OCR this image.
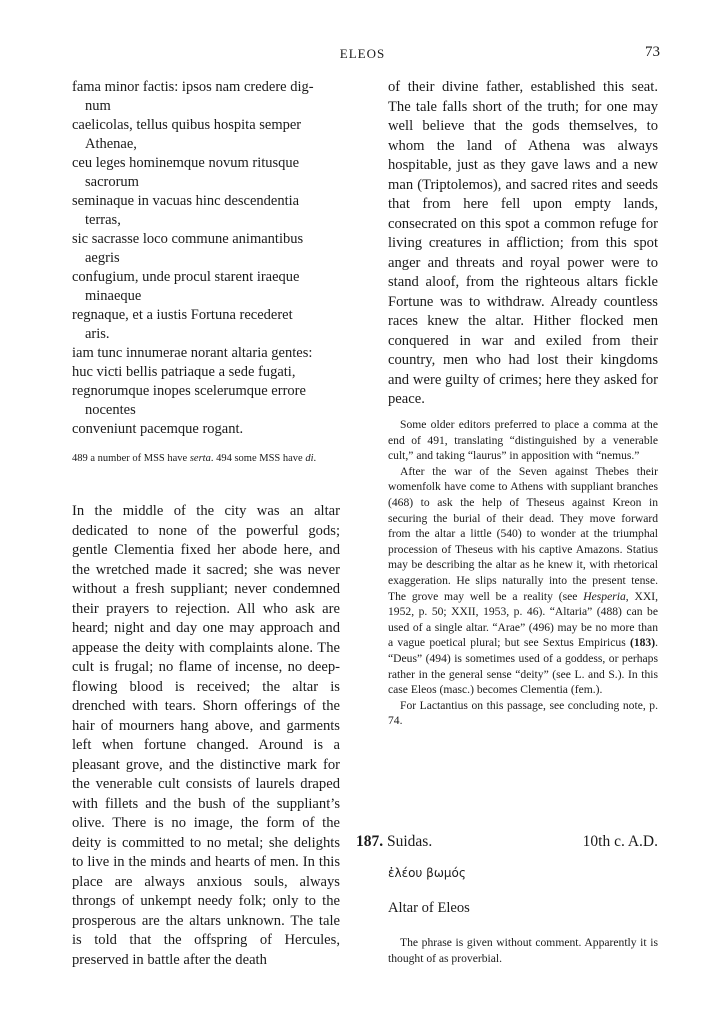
ELEOS	73
fama minor factis: ipsos nam credere dig-
num
caelicolas, tellus quibus hospita semper
Athenae,
ceu leges hominemque novum ritusque
sacrorum
seminaque in vacuas hinc descendentia
terras,
sic sacrasse loco commune animantibus
aegris
confugium, unde procul starent iraeque
minaeque
regnaque, et a iustis Fortuna recederet
aris.
iam tunc innumerae norant altaria gentes:
huc victi bellis patriaque a sede fugati,
regnorumque inopes scelerumque errore
nocentes
conveniunt pacemque rogant.
489 a number of MSS have serta. 494 some MSS have di.
In the middle of the city was an altar dedicated to none of the powerful gods; gentle Clementia fixed her abode here, and the wretched made it sacred; she was never without a fresh suppliant; never condemned their prayers to rejection. All who ask are heard; night and day one may approach and appease the deity with complaints alone. The cult is frugal; no flame of incense, no deep-flowing blood is received; the altar is drenched with tears. Shorn offerings of the hair of mourners hang above, and garments left when fortune changed. Around is a pleasant grove, and the distinctive mark for the venerable cult consists of laurels draped with fillets and the bush of the suppliant’s olive. There is no image, the form of the deity is committed to no metal; she delights to live in the minds and hearts of men. In this place are always anxious souls, always throngs of unkempt needy folk; only to the prosperous are the altars unknown. The tale is told that the offspring of Hercules, preserved in battle after the death
of their divine father, established this seat. The tale falls short of the truth; for one may well believe that the gods themselves, to whom the land of Athena was always hospitable, just as they gave laws and a new man (Triptolemos), and sacred rites and seeds that from here fell upon empty lands, consecrated on this spot a common refuge for living creatures in affliction; from this spot anger and threats and royal power were to stand aloof, from the righteous altars fickle Fortune was to withdraw. Already countless races knew the altar. Hither flocked men conquered in war and exiled from their country, men who had lost their kingdoms and were guilty of crimes; here they asked for peace.

Some older editors preferred to place a comma at the end of 491, translating “distinguished by a venerable cult,” and taking “laurus” in apposition with “nemus.”

After the war of the Seven against Thebes their womenfolk have come to Athens with suppliant branches (468) to ask the help of Theseus against Kreon in securing the burial of their dead. They move forward from the altar a little (540) to wonder at the triumphal procession of Theseus with his captive Amazons. Statius may be describing the altar as he knew it, with rhetorical exaggeration. He slips naturally into the present tense. The grove may well be a reality (see Hesperia, XXI, 1952, p. 50; XXII, 1953, p. 46). “Altaria” (488) can be used of a single altar. “Arae” (496) may be no more than a vague poetical plural; but see Sextus Empiricus (183). “Deus” (494) is sometimes used of a goddess, or perhaps rather in the general sense “deity” (see L. and S.). In this case Eleos (masc.) becomes Clementia (fem.).

For Lactantius on this passage, see concluding note, p. 74.

187. Suidas.	10th c. A.D.
ἐλέου βωμός
Altar of Eleos
The phrase is given without comment. Apparently it is thought of as proverbial.
